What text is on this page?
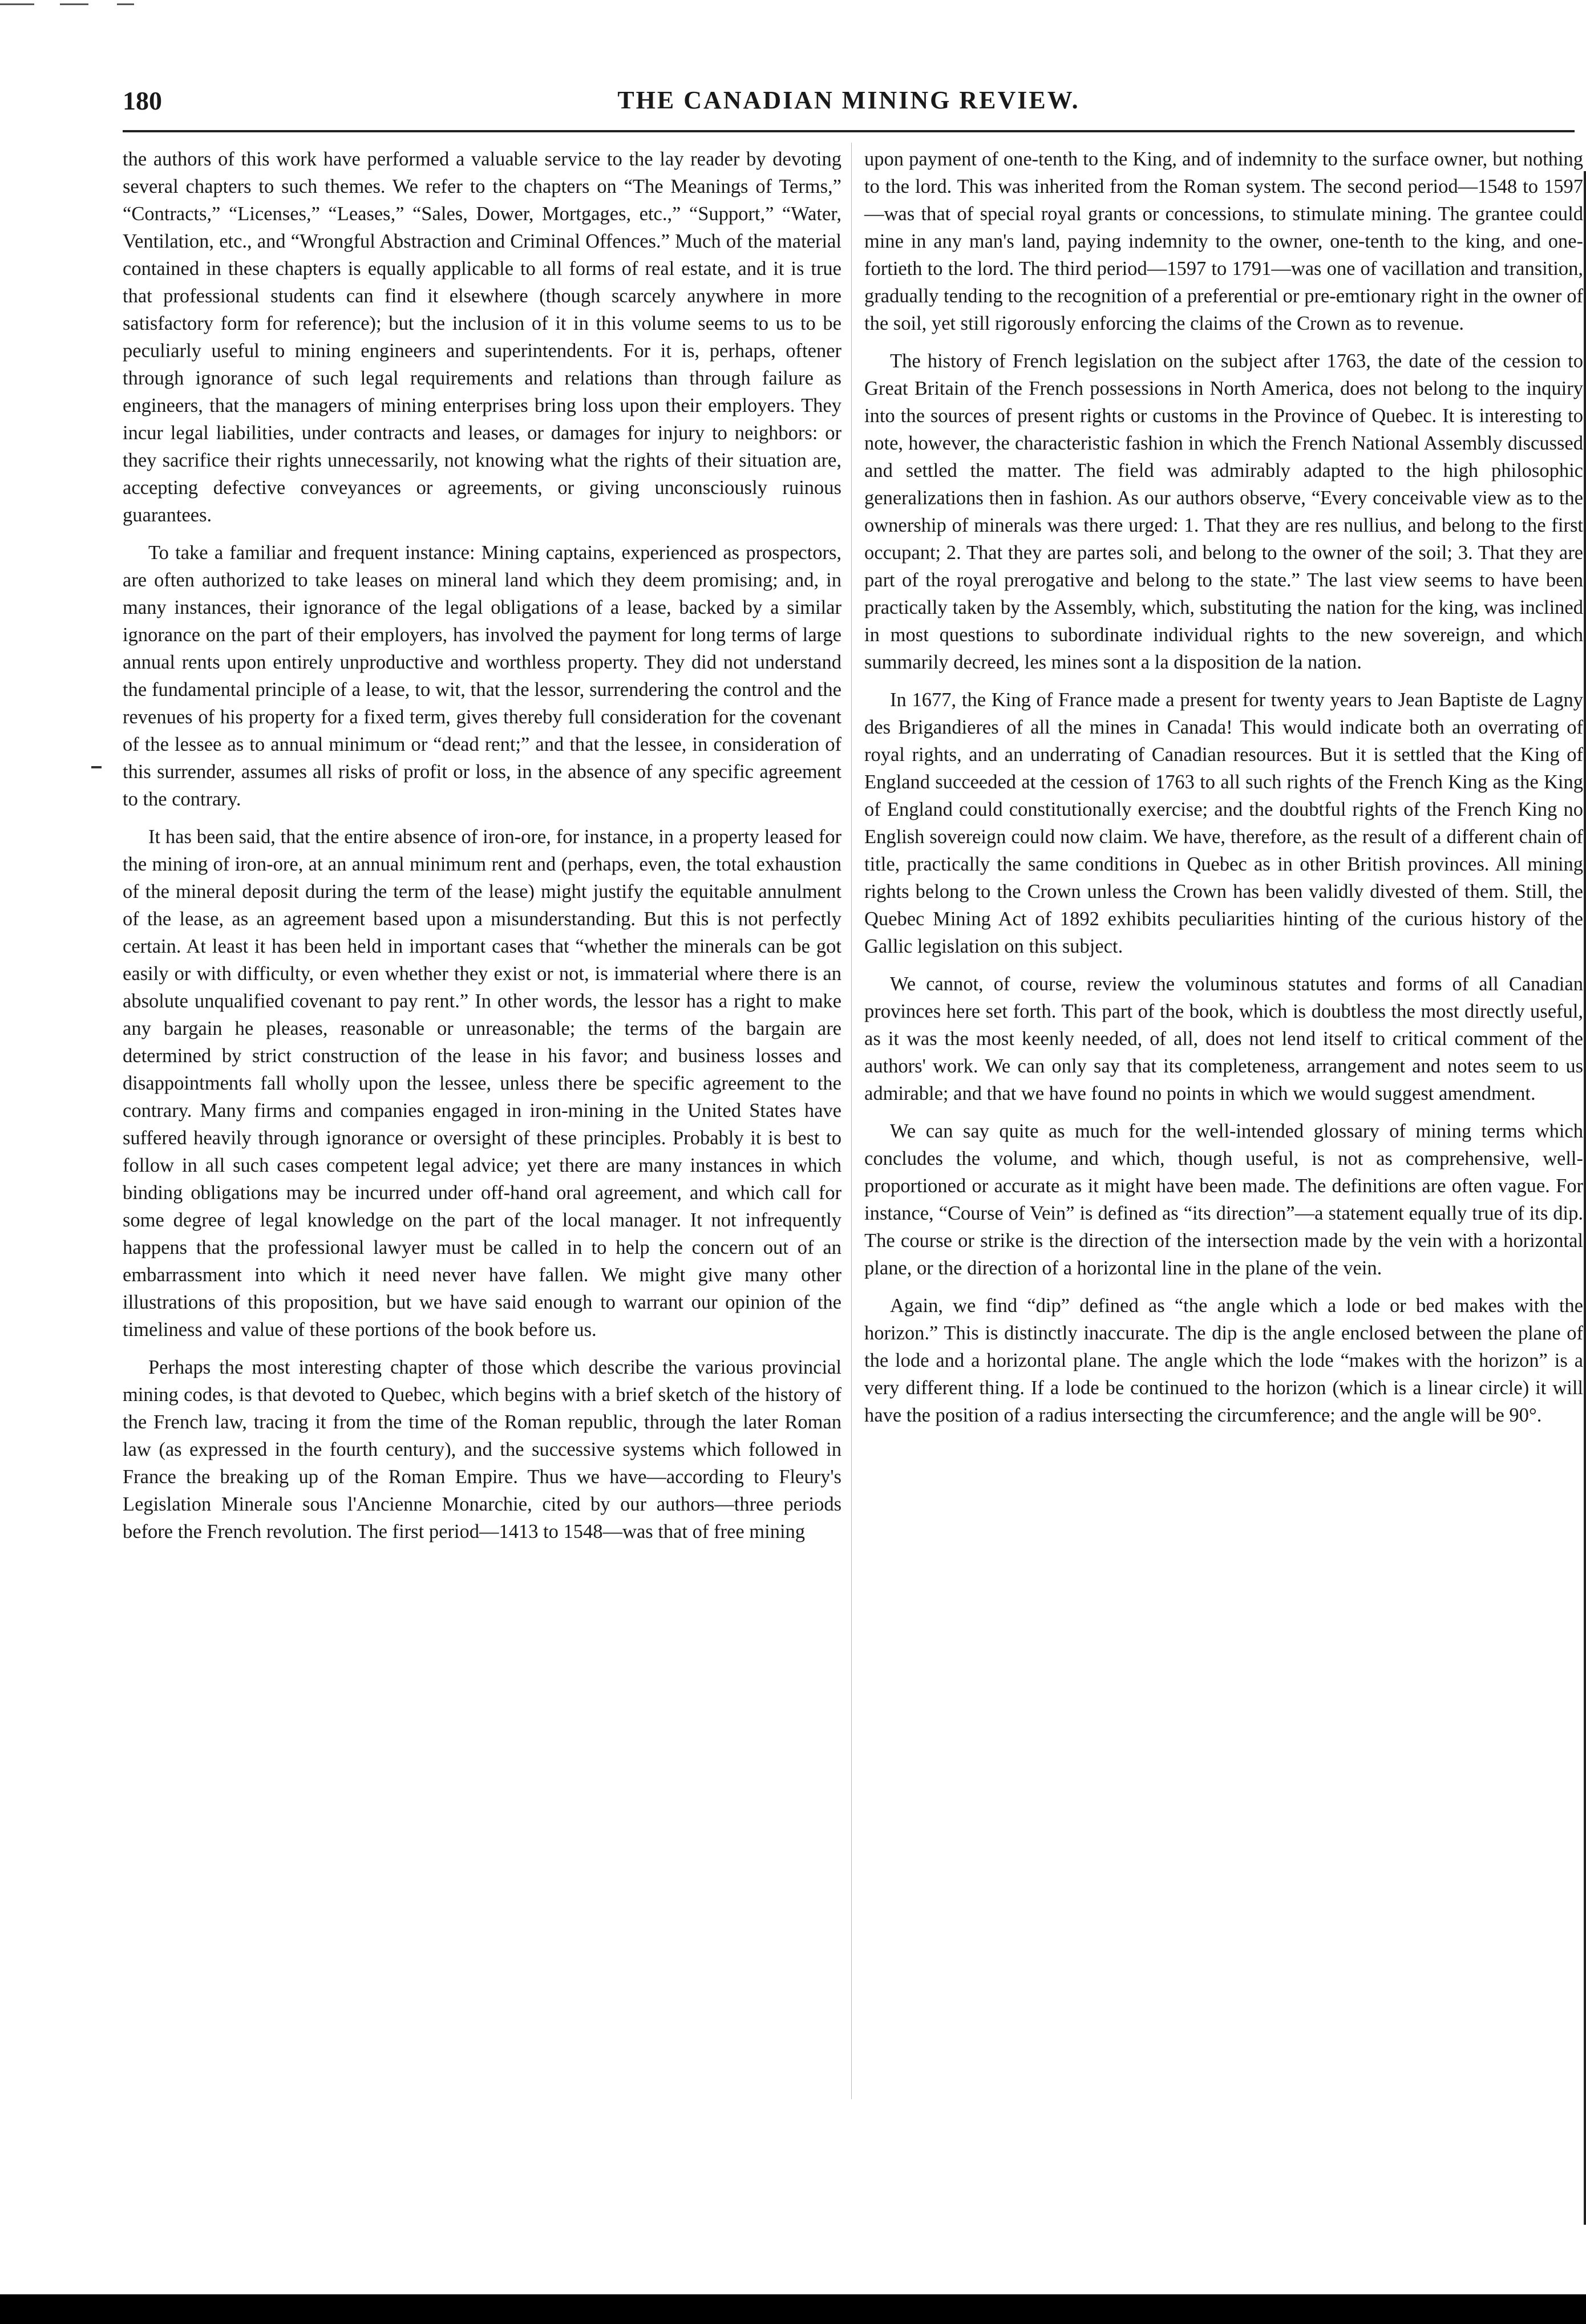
180	THE CANADIAN MINING REVIEW.

the authors of this work have performed a valuable service to the lay reader by devoting several chapters to such themes. We refer to the chapters on “The Meanings of Terms,” “Contracts,” “Licenses,” “Leases,” “Sales, Dower, Mortgages, etc.,” “Support,” “Water, Ventilation, etc., and “Wrongful Abstraction and Criminal Offences.” Much of the material contained in these chapters is equally applicable to all forms of real estate, and it is true that professional students can find it elsewhere (though scarcely anywhere in more satisfactory form for reference); but the inclusion of it in this volume seems to us to be peculiarly useful to mining engineers and superintendents. For it is, perhaps, oftener through ignorance of such legal requirements and relations than through failure as engineers, that the managers of mining enterprises bring loss upon their employers. They incur legal liabilities, under contracts and leases, or damages for injury to neighbors: or they sacrifice their rights unnecessarily, not knowing what the rights of their situation are, accepting defective conveyances or agreements, or giving unconsciously ruinous guarantees.

To take a familiar and frequent instance: Mining captains, experienced as prospectors, are often authorized to take leases on mineral land which they deem promising; and, in many instances, their ignorance of the legal obligations of a lease, backed by a similar ignorance on the part of their employers, has involved the payment for long terms of large annual rents upon entirely unproductive and worthless property. They did not understand the fundamental principle of a lease, to wit, that the lessor, surrendering the control and the revenues of his property for a fixed term, gives thereby full consideration for the covenant of the lessee as to annual minimum or “dead rent;” and that the lessee, in consideration of this surrender, assumes all risks of profit or loss, in the absence of any specific agreement to the contrary.

It has been said, that the entire absence of iron-ore, for instance, in a property leased for the mining of iron-ore, at an annual minimum rent and (perhaps, even, the total exhaustion of the mineral deposit during the term of the lease) might justify the equitable annulment of the lease, as an agreement based upon a misunderstanding. But this is not perfectly certain. At least it has been held in important cases that “whether the minerals can be got easily or with difficulty, or even whether they exist or not, is immaterial where there is an absolute unqualified covenant to pay rent.” In other words, the lessor has a right to make any bargain he pleases, reasonable or unreasonable; the terms of the bargain are determined by strict construction of the lease in his favor; and business losses and disappointments fall wholly upon the lessee, unless there be specific agreement to the contrary. Many firms and companies engaged in iron-mining in the United States have suffered heavily through ignorance or oversight of these principles. Probably it is best to follow in all such cases competent legal advice; yet there are many instances in which binding obligations may be incurred under off-hand oral agreement, and which call for some degree of legal knowledge on the part of the local manager. It not infrequently happens that the professional lawyer must be called in to help the concern out of an embarrassment into which it need never have fallen. We might give many other illustrations of this proposition, but we have said enough to warrant our opinion of the timeliness and value of these portions of the book before us.

Perhaps the most interesting chapter of those which describe the various provincial mining codes, is that devoted to Quebec, which begins with a brief sketch of the history of the French law, tracing it from the time of the Roman republic, through the later Roman law (as expressed in the fourth century), and the successive systems which followed in France the breaking up of the Roman Empire. Thus we have—according to Fleury's Legislation Minerale sous l'Ancienne Monarchie, cited by our authors—three periods before the French revolution. The first period—1413 to 1548—was that of free mining

upon payment of one-tenth to the King, and of indemnity to the surface owner, but nothing to the lord. This was inherited from the Roman system. The second period—1548 to 1597—was that of special royal grants or concessions, to stimulate mining. The grantee could mine in any man's land, paying indemnity to the owner, one-tenth to the king, and one-fortieth to the lord. The third period—1597 to 1791—was one of vacillation and transition, gradually tending to the recognition of a preferential or pre-emtionary right in the owner of the soil, yet still rigorously enforcing the claims of the Crown as to revenue.

The history of French legislation on the subject after 1763, the date of the cession to Great Britain of the French possessions in North America, does not belong to the inquiry into the sources of present rights or customs in the Province of Quebec. It is interesting to note, however, the characteristic fashion in which the French National Assembly discussed and settled the matter. The field was admirably adapted to the high philosophic generalizations then in fashion. As our authors observe, “Every conceivable view as to the ownership of minerals was there urged: 1. That they are res nullius, and belong to the first occupant; 2. That they are partes soli, and belong to the owner of the soil; 3. That they are part of the royal prerogative and belong to the state.” The last view seems to have been practically taken by the Assembly, which, substituting the nation for the king, was inclined in most questions to subordinate individual rights to the new sovereign, and which summarily decreed, les mines sont a la disposition de la nation.

In 1677, the King of France made a present for twenty years to Jean Baptiste de Lagny des Brigandieres of all the mines in Canada! This would indicate both an overrating of royal rights, and an underrating of Canadian resources. But it is settled that the King of England succeeded at the cession of 1763 to all such rights of the French King as the King of England could constitutionally exercise; and the doubtful rights of the French King no English sovereign could now claim. We have, therefore, as the result of a different chain of title, practically the same conditions in Quebec as in other British provinces. All mining rights belong to the Crown unless the Crown has been validly divested of them. Still, the Quebec Mining Act of 1892 exhibits peculiarities hinting of the curious history of the Gallic legislation on this subject.

We cannot, of course, review the voluminous statutes and forms of all Canadian provinces here set forth. This part of the book, which is doubtless the most directly useful, as it was the most keenly needed, of all, does not lend itself to critical comment of the authors' work. We can only say that its completeness, arrangement and notes seem to us admirable; and that we have found no points in which we would suggest amendment.

We can say quite as much for the well-intended glossary of mining terms which concludes the volume, and which, though useful, is not as comprehensive, well-proportioned or accurate as it might have been made. The definitions are often vague. For instance, “Course of Vein” is defined as “its direction”—a statement equally true of its dip. The course or strike is the direction of the intersection made by the vein with a horizontal plane, or the direction of a horizontal line in the plane of the vein.

Again, we find “dip” defined as “the angle which a lode or bed makes with the horizon.” This is distinctly inaccurate. The dip is the angle enclosed between the plane of the lode and a horizontal plane. The angle which the lode “makes with the horizon” is a very different thing. If a lode be continued to the horizon (which is a linear circle) it will have the position of a radius intersecting the circumference; and the angle will be 90°.
